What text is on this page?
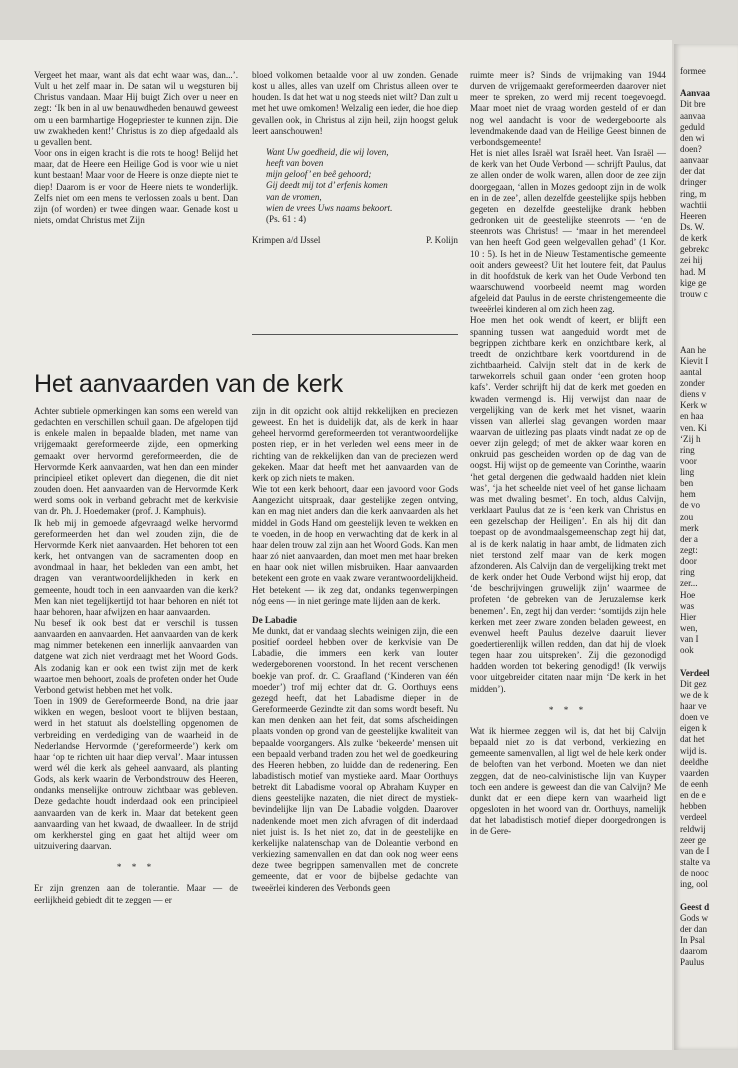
Vergeet het maar, want als dat echt waar was, dan...’. Vult u het zelf maar in. De satan wil u wegsturen bij Christus vandaan. Maar Hij buigt Zich over u neer en zegt: ‘Ik ben in al uw benauwdheden benauwd geweest om u een barmhartige Hogepriester te kunnen zijn. Die uw zwakheden kent!’ Christus is zo diep afgedaald als u gevallen bent.

Voor ons in eigen kracht is die rots te hoog! Belijd het maar, dat de Heere een Heilige God is voor wie u niet kunt bestaan! Maar voor de Heere is onze diepte niet te diep! Daarom is er voor de Heere niets te wonderlijk. Zelfs niet om een mens te verlossen zoals u bent. Dan zijn (of worden) er twee dingen waar. Genade kost u niets, omdat Christus met Zijn

bloed volkomen betaalde voor al uw zonden. Genade kost u alles, alles van uzelf om Christus alleen over te houden. Is dat het wat u nog steeds niet wilt? Dan zult u met het uwe omkomen! Welzalig een ieder, die hoe diep gevallen ook, in Christus al zijn heil, zijn hoogst geluk leert aanschouwen!

Want Uw goedheid, die wij loven,
heeft van boven
mijn geloof’ en beê gehoord;
Gij deedt mij tot d’ erfenis komen
van de vromen,
wien de vrees Uws naams bekoort.
(Ps. 61 : 4)
Krimpen a/d IJssel	P. Kolijn
Het aanvaarden van de kerk

Achter subtiele opmerkingen kan soms een wereld van gedachten en verschillen schuil gaan. De afgelopen tijd is enkele malen in bepaalde bladen, met name van vrijgemaakt gereformeerde zijde, een opmerking gemaakt over hervormd gereformeerden, die de Hervormde Kerk aanvaarden, wat hen dan een minder principieel etiket oplevert dan diegenen, die dit niet zouden doen. Het aanvaarden van de Hervormde Kerk werd soms ook in verband gebracht met de kerkvisie van dr. Ph. J. Hoedemaker (prof. J. Kamphuis).

Ik heb mij in gemoede afgevraagd welke hervormd gereformeerden het dan wel zouden zijn, die de Hervormde Kerk niet aanvaarden. Het behoren tot een kerk, het ontvangen van de sacramenten doop en avondmaal in haar, het bekleden van een ambt, het dragen van verantwoordelijkheden in kerk en gemeente, houdt toch in een aanvaarden van die kerk? Men kan niet tegelijkertijd tot haar behoren en niét tot haar behoren, haar afwijzen en haar aanvaarden.

Nu besef ik ook best dat er verschil is tussen aanvaarden en aanvaarden. Het aanvaarden van de kerk mag nimmer betekenen een innerlijk aanvaarden van datgene wat zich niet verdraagt met het Woord Gods. Als zodanig kan er ook een twist zijn met de kerk waartoe men behoort, zoals de profeten onder het Oude Verbond getwist hebben met het volk.

Toen in 1909 de Gereformeerde Bond, na drie jaar wikken en wegen, besloot voort te blijven bestaan, werd in het statuut als doelstelling opgenomen de verbreiding en verdediging van de waarheid in de Nederlandse Hervormde (‘gereformeerde’) kerk om haar ‘op te richten uit haar diep verval’. Maar intussen werd wél die kerk als geheel aanvaard, als planting Gods, als kerk waarin de Verbondstrouw des Heeren, ondanks menselijke ontrouw zichtbaar was gebleven. Deze gedachte houdt inderdaad ook een principieel aanvaarden van de kerk in. Maar dat betekent geen aanvaarding van het kwaad, de dwaalleer. In de strijd om kerkherstel ging en gaat het altijd weer om uitzuivering daarvan.

* * *

Er zijn grenzen aan de tolerantie. Maar — de eerlijkheid gebiedt dit te zeggen — er

zijn in dit opzicht ook altijd rekkelijken en preciezen geweest. En het is duidelijk dat, als de kerk in haar geheel hervormd gereformeerden tot verantwoordelijke posten riep, er in het verleden wel eens meer in de richting van de rekkelijken dan van de preciezen werd gekeken. Maar dat heeft met het aanvaarden van de kerk op zich niets te maken.

Wie tot een kerk behoort, daar een javoord voor Gods Aangezicht uitspraak, daar gestelijke zegen ontving, kan en mag niet anders dan die kerk aanvaarden als het middel in Gods Hand om geestelijk leven te wekken en te voeden, in de hoop en verwachting dat de kerk in al haar delen trouw zal zijn aan het Woord Gods. Kan men haar zó niet aanvaarden, dan moet men met haar breken en haar ook niet willen misbruiken. Haar aanvaarden betekent een grote en vaak zware verantwoordelijkheid. Het betekent — ik zeg dat, ondanks tegenwerpingen nóg eens — in niet geringe mate lijden aan de kerk.

De Labadie

Me dunkt, dat er vandaag slechts weinigen zijn, die een positief oordeel hebben over de kerkvisie van De Labadie, die immers een kerk van louter wedergeborenen voorstond. In het recent verschenen boekje van prof. dr. C. Graafland (‘Kinderen van één moeder’) trof mij echter dat dr. G. Oorthuys eens gezegd heeft, dat het Labadisme dieper in de Gereformeerde Gezindte zit dan soms wordt beseft. Nu kan men denken aan het feit, dat soms afscheidingen plaats vonden op grond van de geestelijke kwaliteit van bepaalde voorgangers. Als zulke ‘bekeerde’ mensen uit een bepaald verband traden zou het wel de goedkeuring des Heeren hebben, zo luidde dan de redenering. Een labadistisch motief van mystieke aard. Maar Oorthuys betrekt dit Labadisme vooral op Abraham Kuyper en diens geestelijke nazaten, die niet direct de mystiek-bevindelijke lijn van De Labadie volgden. Daarover nadenkende moet men zich afvragen of dit inderdaad niet juist is. Is het niet zo, dat in de geestelijke en kerkelijke nalatenschap van de Doleantie verbond en verkiezing samenvallen en dat dan ook nog weer eens deze twee begrippen samenvallen met de concrete gemeente, dat er voor de bijbelse gedachte van tweeërlei kinderen des Verbonds geen

ruimte meer is? Sinds de vrijmaking van 1944 durven de vrijgemaakt gereformeerden daarover niet meer te spreken, zo werd mij recent toegevoegd. Maar moet niet de vraag worden gesteld of er dan nog wel aandacht is voor de wedergeboorte als levendmakende daad van de Heilige Geest binnen de verbondsgemeente!

Het is niet alles Israël wat Israël heet. Van Israël — de kerk van het Oude Verbond — schrijft Paulus, dat ze allen onder de wolk waren, allen door de zee zijn doorgegaan, ‘allen in Mozes gedoopt zijn in de wolk en in de zee’, allen dezelfde geestelijke spijs hebben gegeten en dezelfde geestelijke drank hebben gedronken uit de geestelijke steenrots — ‘en de steenrots was Christus! — ‘maar in het merendeel van hen heeft God geen welgevallen gehad’ (1 Kor. 10 : 5). Is het in de Nieuw Testamentische gemeente ooit anders geweest? Uit het loutere feit, dat Paulus in dit hoofdstuk de kerk van het Oude Verbond ten waarschuwend voorbeeld neemt mag worden afgeleid dat Paulus in de eerste christengemeente die tweeërlei kinderen al om zich heen zag.

Hoe men het ook wendt of keert, er blijft een spanning tussen wat aangeduid wordt met de begrippen zichtbare kerk en onzichtbare kerk, al treedt de onzichtbare kerk voortdurend in de zichtbaarheid. Calvijn stelt dat in de kerk de tarwekorrels schuil gaan onder ‘een groten hoop kafs’. Verder schrijft hij dat de kerk met goeden en kwaden vermengd is. Hij verwijst dan naar de vergelijking van de kerk met het visnet, waarin vissen van allerlei slag gevangen worden maar waarvan de uitlezing pas plaats vindt nadat ze op de oever zijn gelegd; of met de akker waar koren en onkruid pas gescheiden worden op de dag van de oogst. Hij wijst op de gemeente van Corinthe, waarin ‘het getal dergenen die gedwaald hadden niet klein was’, ‘ja het scheelde niet veel of het ganse lichaam was met dwaling besmet’. En toch, aldus Calvijn, verklaart Paulus dat ze is ‘een kerk van Christus en een gezelschap der Heiligen’. En als hij dit dan toepast op de avondmaalsgemeenschap zegt hij dat, al is de kerk nalatig in haar ambt, de lidmaten zich niet terstond zelf maar van de kerk mogen afzonderen. Als Calvijn dan de vergelijking trekt met de kerk onder het Oude Verbond wijst hij erop, dat ‘de beschrijvingen gruwelijk zijn’ waarmee de profeten ‘de gebreken van de Jeruzalemse kerk benemen’. En, zegt hij dan verder: ‘somtijds zijn hele kerken met zeer zware zonden beladen geweest, en evenwel heeft Paulus dezelve daaruit liever goedertierenlijk willen redden, dan dat hij de vloek tegen haar zou uitspreken’. Zij die gezonodigd hadden worden tot bekering genodigd! (Ik verwijs voor uitgebreider citaten naar mijn ‘De kerk in het midden’).

* * *

Wat ik hiermee zeggen wil is, dat het bij Calvijn bepaald niet zo is dat verbond, verkiezing en gemeente samenvallen, al ligt wel de hele kerk onder de beloften van het verbond. Moeten we dan niet zeggen, dat de neo-calvinistische lijn van Kuyper toch een andere is geweest dan die van Calvijn? Me dunkt dat er een diepe kern van waarheid ligt opgesloten in het woord van dr. Oorthuys, namelijk dat het labadistisch motief dieper doorgedrongen is in de Gere-

formee
Aanvaa
Dit bre
aanvaa
geduld
den wi
doen?
aanvaar
der dat
dringer
ring, m
wachtii
Heeren
Ds. W.
de kerk
gebrekc
zei hij
had. M
kige ge
trouw c
Aan he
Kievit I
aantal
zonder
diens v
Kerk w
en haa
ven. Ki
‘Zij h
ring
voor
ling
ben
hem
de vo
zou
merk
der a
zegt:
door
ring
zer...
Hoe
was
Hier
wen,
van I
ook
Verdeel
Dit gez
we de k
haar ve
doen ve
eigen k
dat het
wijd is.
deeldhe
vaarden
de eenh
en de e
hebben
verdeel
reldwij
zeer ge
van de I
stalte va
de nooc
ing, ool
Geest d
Gods w
der dan
In Psal
daarom
Paulus
